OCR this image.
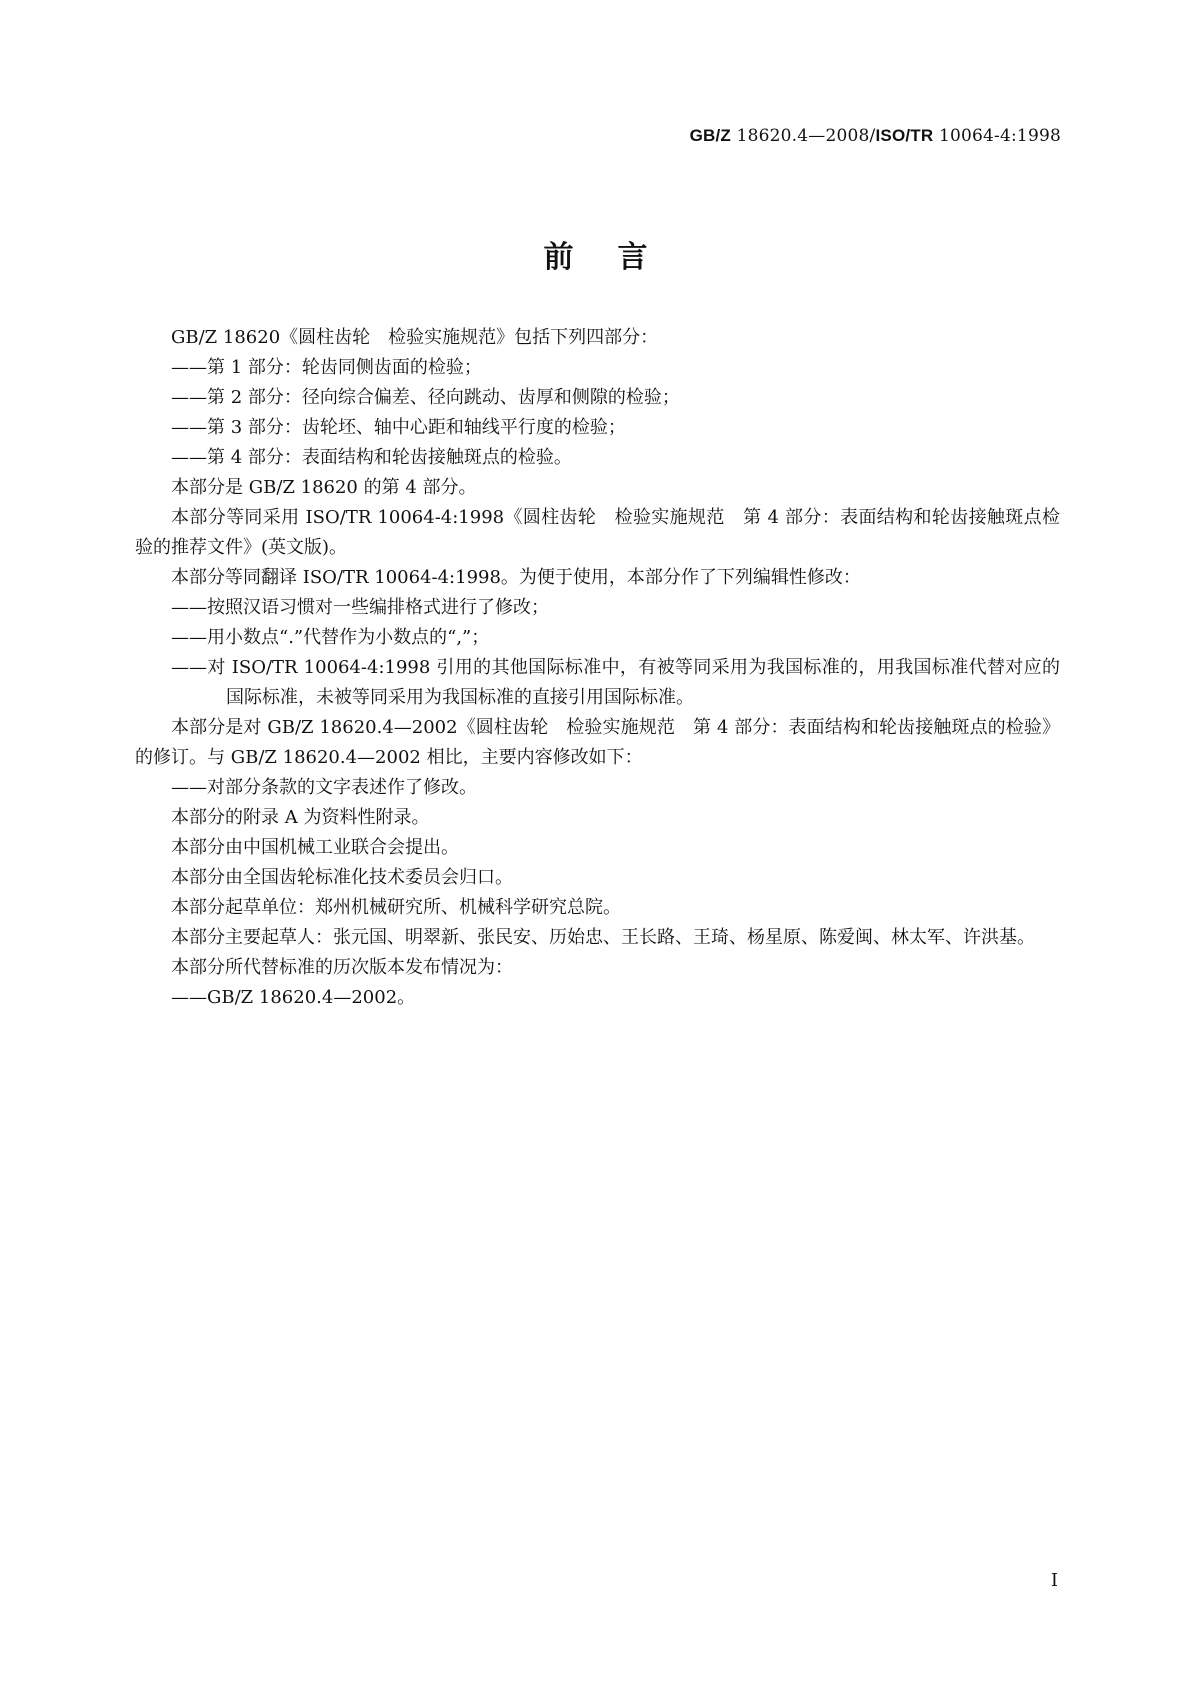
GB/Z 18620.4—2008/ISO/TR 10064-4:1998
前言

GB/Z 18620《圆柱齿轮　检验实施规范》包括下列四部分：

——第 1 部分：轮齿同侧齿面的检验；

——第 2 部分：径向综合偏差、径向跳动、齿厚和侧隙的检验；

——第 3 部分：齿轮坯、轴中心距和轴线平行度的检验；

——第 4 部分：表面结构和轮齿接触斑点的检验。

本部分是 GB/Z 18620 的第 4 部分。

本部分等同采用 ISO/TR 10064-4:1998《圆柱齿轮　检验实施规范　第 4 部分：表面结构和轮齿接触斑点检验的推荐文件》(英文版)。

本部分等同翻译 ISO/TR 10064-4:1998。为便于使用，本部分作了下列编辑性修改：

——按照汉语习惯对一些编排格式进行了修改；

——用小数点“.”代替作为小数点的“,”；

——对 ISO/TR 10064-4:1998 引用的其他国际标准中，有被等同采用为我国标准的，用我国标准代替对应的国际标准，未被等同采用为我国标准的直接引用国际标准。

本部分是对 GB/Z 18620.4—2002《圆柱齿轮　检验实施规范　第 4 部分：表面结构和轮齿接触斑点的检验》的修订。与 GB/Z 18620.4—2002 相比，主要内容修改如下：

——对部分条款的文字表述作了修改。

本部分的附录 A 为资料性附录。

本部分由中国机械工业联合会提出。

本部分由全国齿轮标准化技术委员会归口。

本部分起草单位：郑州机械研究所、机械科学研究总院。

本部分主要起草人：张元国、明翠新、张民安、历始忠、王长路、王琦、杨星原、陈爱闽、林太军、许洪基。

本部分所代替标准的历次版本发布情况为：

——GB/Z 18620.4—2002。

I
